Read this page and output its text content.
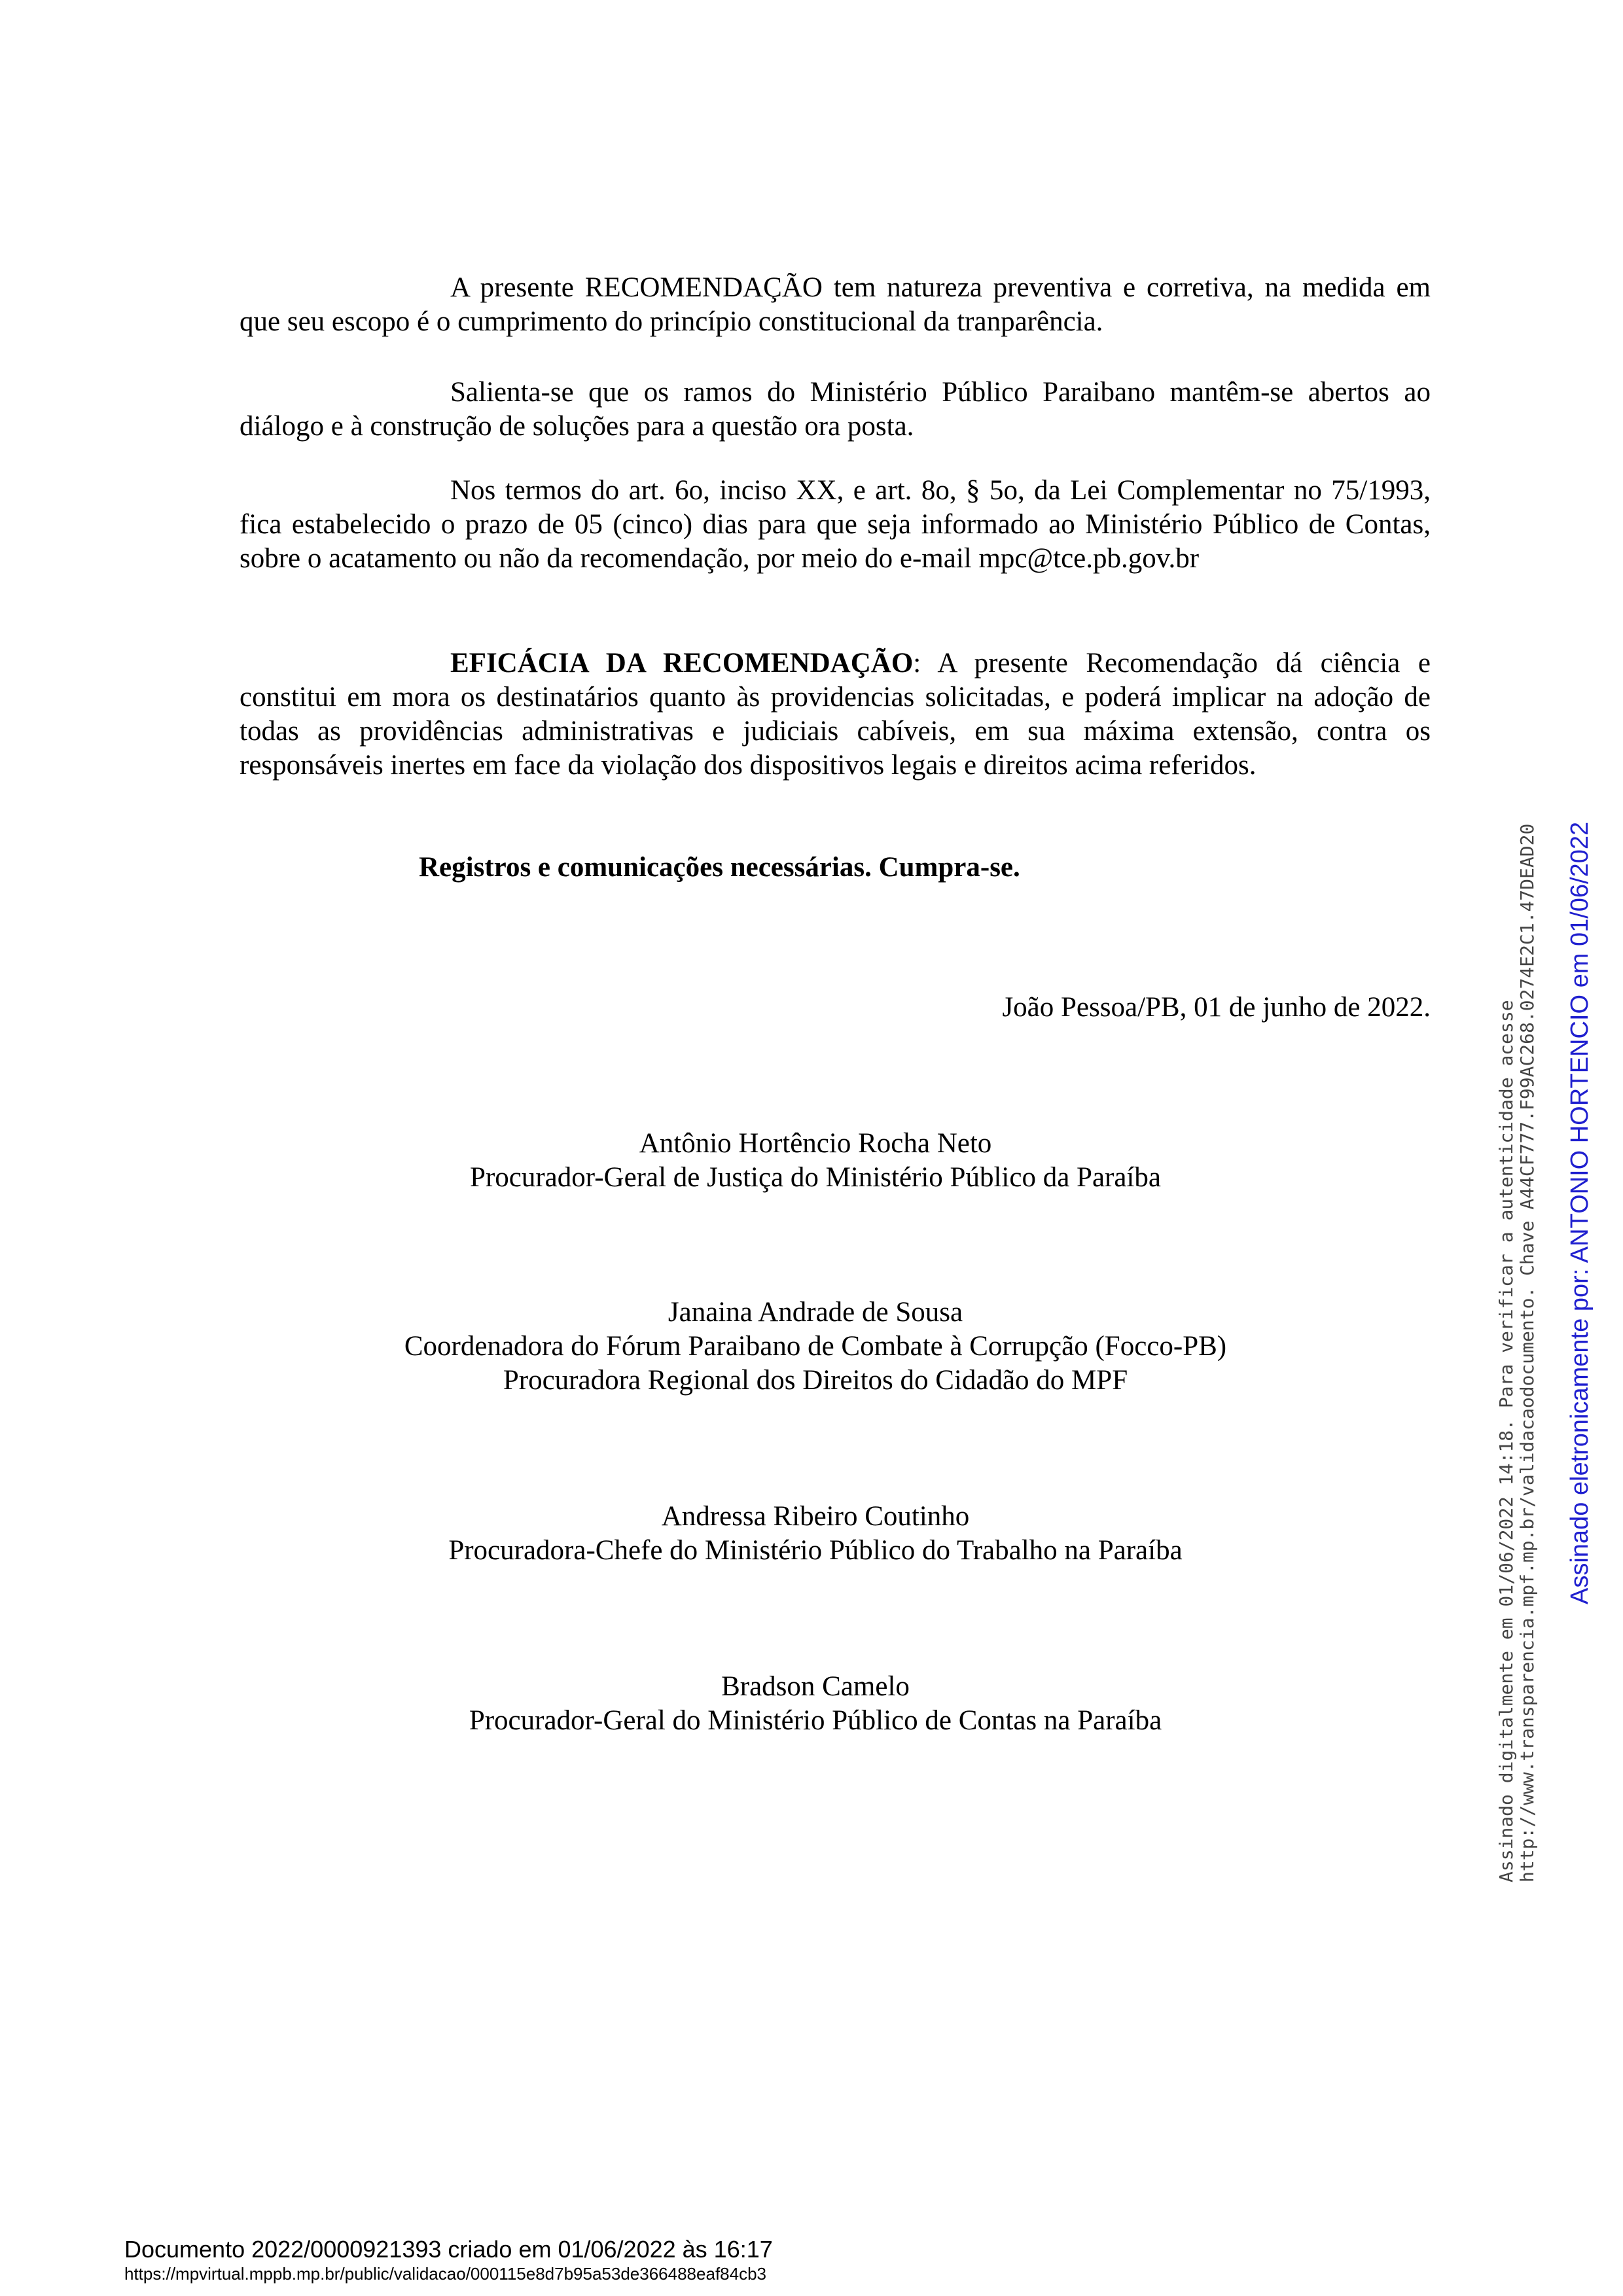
A presente RECOMENDAÇÃO tem natureza preventiva e corretiva, na medida em que seu escopo é o cumprimento do princípio constitucional da tranparência.

Salienta-se que os ramos do Ministério Público Paraibano mantêm-se abertos ao diálogo e à construção de soluções para a questão ora posta.

Nos termos do art. 6o, inciso XX, e art. 8o, § 5o, da Lei Complementar no 75/1993, fica estabelecido o prazo de 05 (cinco) dias para que seja informado ao Ministério Público de Contas, sobre o acatamento ou não da recomendação, por meio do e-mail mpc@tce.pb.gov.br

EFICÁCIA DA RECOMENDAÇÃO: A presente Recomendação dá ciência e constitui em mora os destinatários quanto às providencias solicitadas, e poderá implicar na adoção de todas as providências administrativas e judiciais cabíveis, em sua máxima extensão, contra os responsáveis inertes em face da violação dos dispositivos legais e direitos acima referidos.

Registros e comunicações necessárias. Cumpra-se.
João Pessoa/PB, 01 de junho de 2022.
Antônio Hortêncio Rocha Neto
Procurador-Geral de Justiça do Ministério Público da Paraíba
Janaina Andrade de Sousa
Coordenadora do Fórum Paraibano de Combate à Corrupção (Focco-PB)
Procuradora Regional dos Direitos do Cidadão do MPF
Andressa Ribeiro Coutinho
Procuradora-Chefe do Ministério Público do Trabalho na Paraíba
Bradson Camelo
Procurador-Geral do Ministério Público de Contas na Paraíba	Assinado digitalmente em 01/06/2022 14:18. Para verificar a autenticidade acesse http://www.transparencia.mpf.mp.br/validacaodocumento. Chave A44CF777.F99AC268.0274E2C1.47DEAD20 Assinado eletronicamente por: ANTONIO HORTENCIO em 01/06/2022
Documento 2022/0000921393 criado em 01/06/2022 às 16:17
https://mpvirtual.mppb.mp.br/public/validacao/000115e8d7b95a53de366488eaf84cb3
